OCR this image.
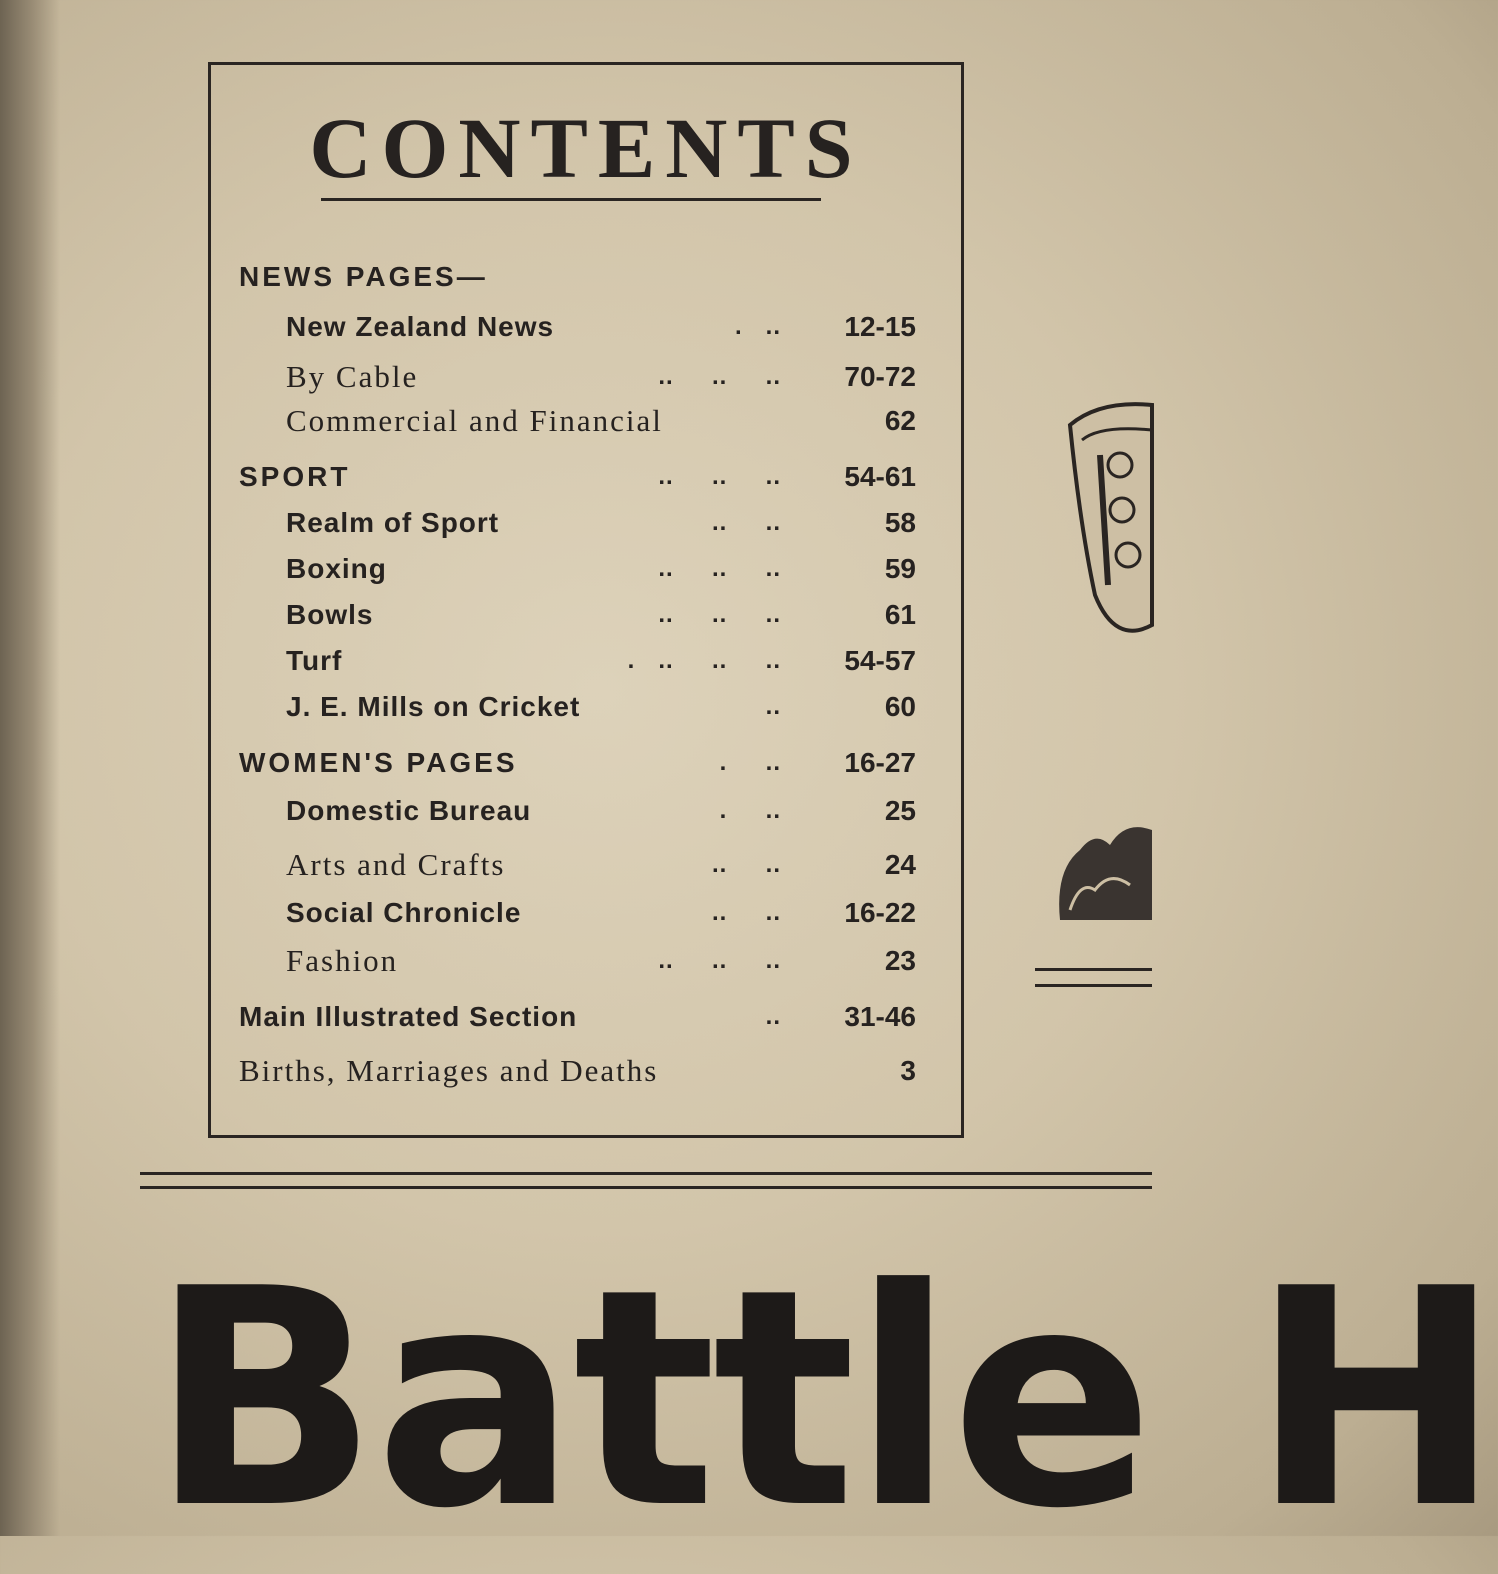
CONTENTS
NEWS PAGES—
New Zealand News	.   .. 12-15
By Cable	..     ..     .. 70-72
Commercial and Financial	62
SPORT	..     ..     .. 54-61
Realm of Sport	..     ..	58
Boxing	..     ..     ..	59
Bowls	..     ..     ..	61
Turf	.   ..     ..     .. 54-57
J. E. Mills on Cricket	..	60
WOMEN'S PAGES	.     .. 16-27
Domestic Bureau	.     ..	25
Arts and Crafts	..     ..	24
Social Chronicle	..     .. 16-22
Fashion	..     ..     ..	23
Main Illustrated Section	.. 31-46
Births, Marriages and Deaths	3
Battle H
